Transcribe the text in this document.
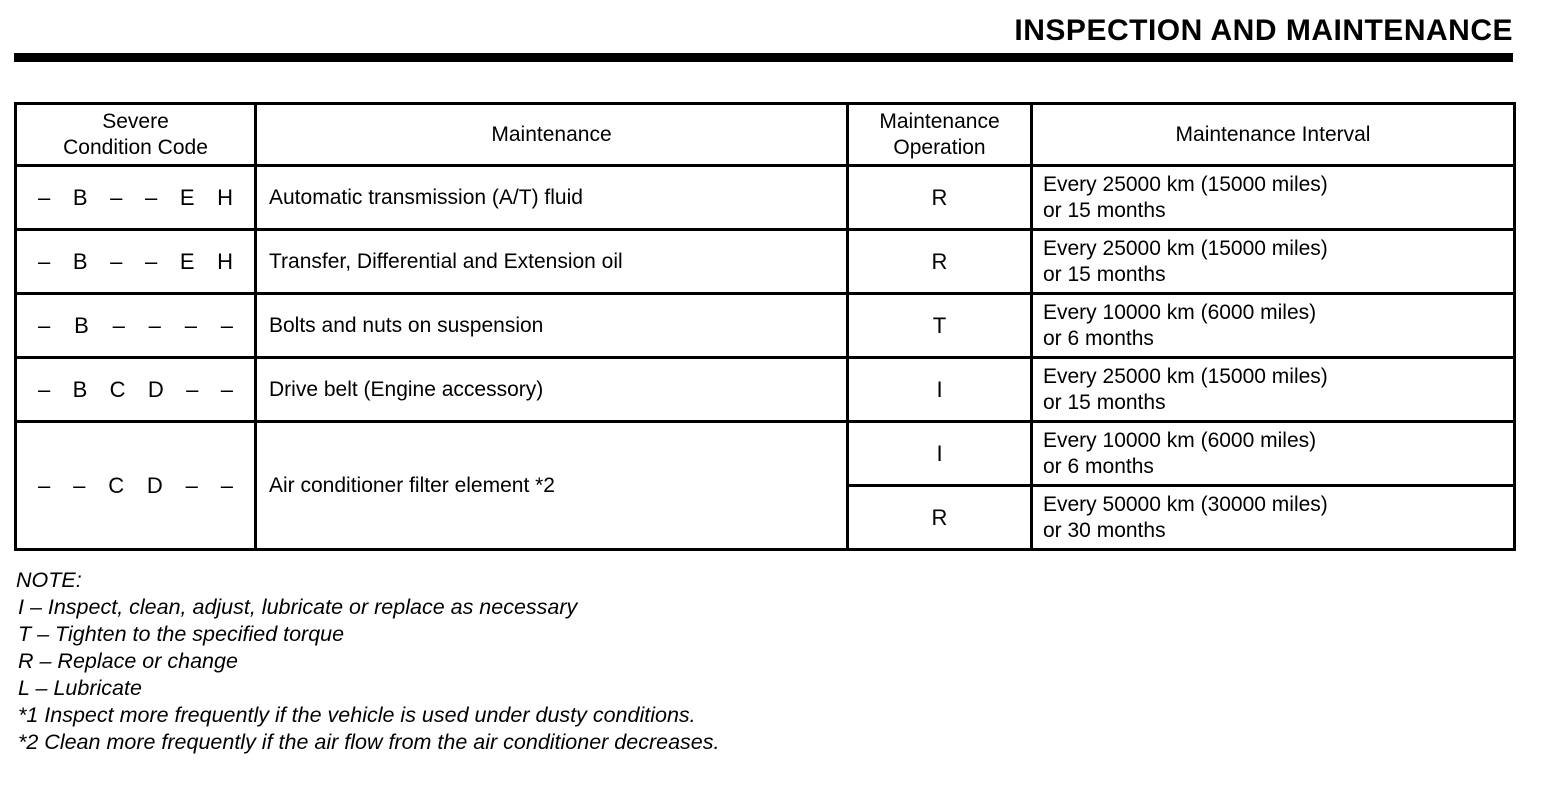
INSPECTION AND MAINTENANCE
Severe Condition Code	Maintenance	Maintenance Operation	Maintenance Interval

– B – – E H	Automatic transmission (A/T) fluid	R	
Every 25000 km (15000 miles)
or 15 months

– B – – E H	Transfer, Differential and Extension oil	R	
Every 25000 km (15000 miles)
or 15 months

– B – – – –	Bolts and nuts on suspension	T	
Every 10000 km (6000 miles)
or 6 months

– B C D – –	Drive belt (Engine accessory)	I	
Every 25000 km (15000 miles)
or 15 months

– – C D – –	Air conditioner filter element *2	I	
Every 10000 km (6000 miles)
or 6 months

		R	Every 50000 km (30000 miles)
or 30 months
NOTE:
I – Inspect, clean, adjust, lubricate or replace as necessary
T – Tighten to the specified torque
R – Replace or change
L – Lubricate
*1 Inspect more frequently if the vehicle is used under dusty conditions.
*2 Clean more frequently if the air flow from the air conditioner decreases.
